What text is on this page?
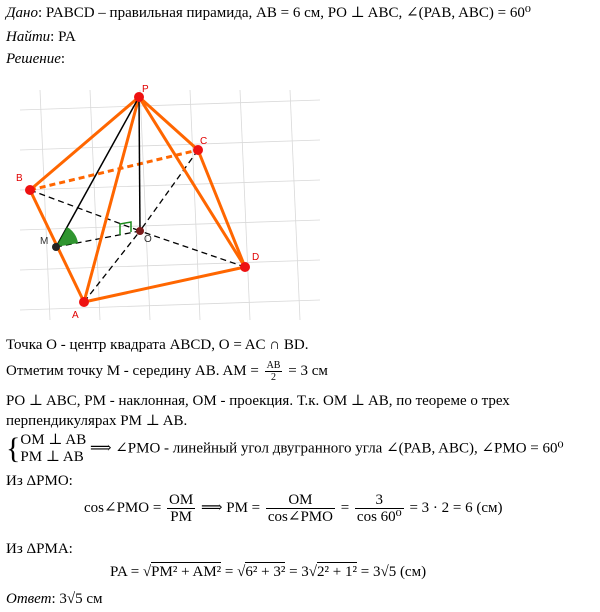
Дано: PABCD – правильная пирамида, AB = 6 см, PO ⊥ ABC, ∠(PAB, ABC) = 60⁰
Найти: PA
Решение:
P
B
C
M	O
D
A
Точка O - центр квадрата ABCD, O = AC ∩ BD.
Отметим точку M - середину AB. AM = $\frac{AB}{2} = 3$ см
PO ⊥ ABC, PM - наклонная, OM - проекция. Т.к. OM ⊥ AB, по теореме о трех
перпендикулярах PM ⊥ AB.
{ OM ⊥ AB
PM ⊥ AB
⟹ ∠PMO - линейный угол двугранного угла ∠(PAB, ABC), ∠PMO = 60⁰
Из ΔPMO:
cos∠PMO = $\frac{OM}{PM}$ ⟹ PM = $\frac{OM}{\text{cos∠PMO}} = \frac{3}{\text{cos 60⁰}} = 3 \cdot 2 = 6$ (см)
Из ΔPMA:
PA = √PM² + AM² = √6² + 3² = 3√2² + 1² = 3√5 (см)
Ответ: 3√5 см
